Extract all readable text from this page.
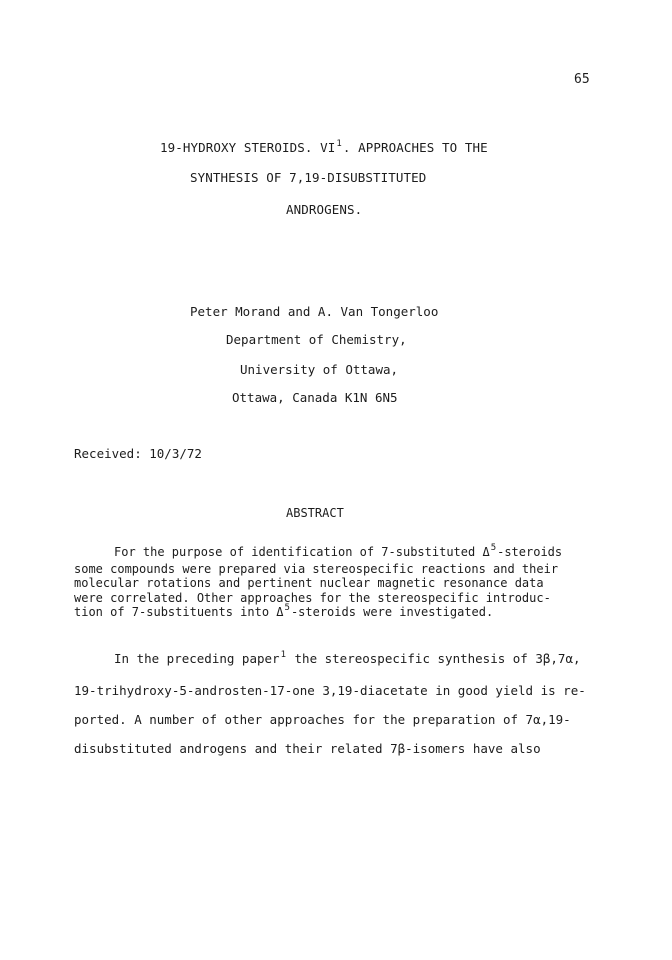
65
19-HYDROXY STEROIDS. VI$^1$. APPROACHES TO THE
SYNTHESIS OF 7,19-DISUBSTITUTED
ANDROGENS.
Peter Morand and A. Van Tongerloo
Department of Chemistry,
University of Ottawa,
Ottawa, Canada K1N 6N5
Received: 10/3/72
ABSTRACT
For the purpose of identification of 7-substituted Δ$^5$-steroids
some compounds were prepared via stereospecific reactions and their
molecular rotations and pertinent nuclear magnetic resonance data
were correlated. Other approaches for the stereospecific introduc-
tion of 7-substituents into Δ$^5$-steroids were investigated.
In the preceding paper$^1$ the stereospecific synthesis of 3β,7α,
19-trihydroxy-5-androsten-17-one 3,19-diacetate in good yield is re-
ported. A number of other approaches for the preparation of 7α,19-
disubstituted androgens and their related 7β-isomers have also
